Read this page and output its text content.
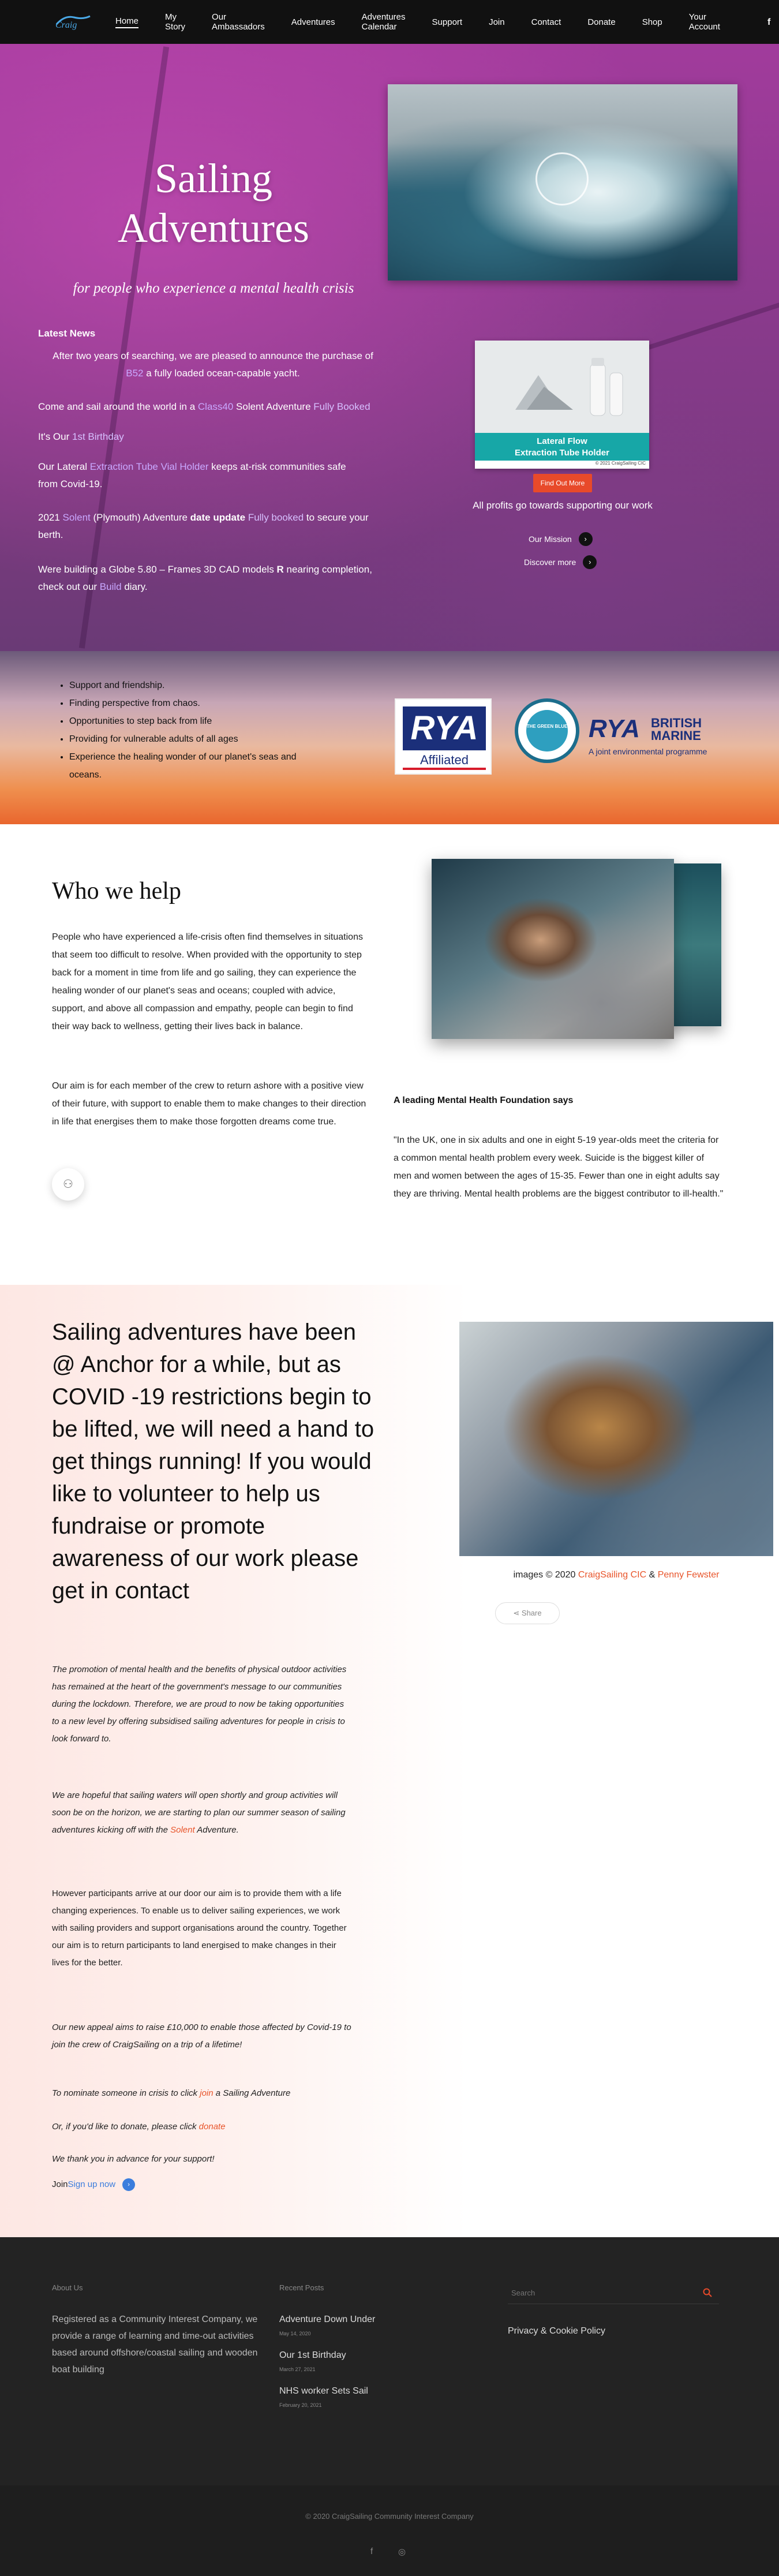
Craig	Home	My
Story
Our
Ambassadors	Adventures	Adventures
Calendar	Support	Join	Contact	Donate	Shop	Your
Account	f
Sailing
Adventures
for people who experience a mental health crisis
Latest News
After two years of searching, we are pleased to announce the purchase of
B52 a fully loaded ocean-capable yacht.
Come and sail around the world in a Class40 Solent Adventure Fully Booked
It's Our 1st Birthday
Our Lateral Extraction Tube Vial Holder keeps at-risk communities safe from Covid-19.
2021 Solent (Plymouth) Adventure date update Fully booked to secure your berth.
Were building a Globe 5.80 – Frames 3D CAD models R nearing completion, check out our Build diary.
Lateral Flow
Extraction Tube Holder
© 2021 CraigSailing CIC
Find Out More
All profits go towards supporting our work
Our Mission	›
Discover more	›
• Support and friendship.
• Finding perspective from chaos.
• Opportunities to step back from life
• Providing for vulnerable adults of all ages
• Experience the healing wonder of our planet's seas and oceans.
RYA
Affiliated
THE GREEN BLUE RYA BRITISH
MARINE
A joint environmental programme
Who we help
People who have experienced a life-crisis often find themselves in situations that seem too difficult to resolve. When provided with the opportunity to step back for a moment in time from life and go sailing, they can experience the healing wonder of our planet's seas and oceans; coupled with advice, support, and above all compassion and empathy, people can begin to find their way back to wellness, getting their lives back in balance.
Our aim is for each member of the crew to return ashore with a positive view of their future, with support to enable them to make changes to their direction in life that energises them to make those forgotten dreams come true.
⚇
A leading Mental Health Foundation says
"In the UK, one in six adults and one in eight 5-19 year-olds meet the criteria for a common mental health problem every week. Suicide is the biggest killer of men and women between the ages of 15-35. Fewer than one in eight adults say they are thriving. Mental health problems are the biggest contributor to ill-health."
Sailing adventures have been @ Anchor for a while, but as COVID -19 restrictions begin to be lifted, we will need a hand to get things running! If you would like to volunteer to help us fundraise or promote awareness of our work please get in contact
The promotion of mental health and the benefits of physical outdoor activities has remained at the heart of the government's message to our communities during the lockdown. Therefore, we are proud to now be taking opportunities to a new level by offering subsidised sailing adventures for people in crisis to look forward to.
We are hopeful that sailing waters will open shortly and group activities will soon be on the horizon, we are starting to plan our summer season of sailing adventures kicking off with the Solent Adventure.
However participants arrive at our door our aim is to provide them with a life changing experiences. To enable us to deliver sailing experiences, we work with sailing providers and support organisations around the country. Together our aim is to return participants to land energised to make changes in their lives for the better.
Our new appeal aims to raise £10,000 to enable those affected by Covid-19 to join the crew of CraigSailing on a trip of a lifetime!
To nominate someone in crisis to click join a Sailing Adventure
Or, if you'd like to donate, please click donate
We thank you in advance for your support!
Join Sign up now	›
images © 2020 CraigSailing CIC & Penny Fewster
⋖ Share
About Us
Registered as a Community Interest Company, we provide a range of learning and time-out activities based around offshore/coastal sailing and wooden boat building
Recent Posts
Adventure Down Under
May 14, 2020
Our 1st Birthday
March 27, 2021
NHS worker Sets Sail
February 20, 2021
Search
Privacy & Cookie Policy
© 2020 CraigSailing Community Interest Company
f	◎
